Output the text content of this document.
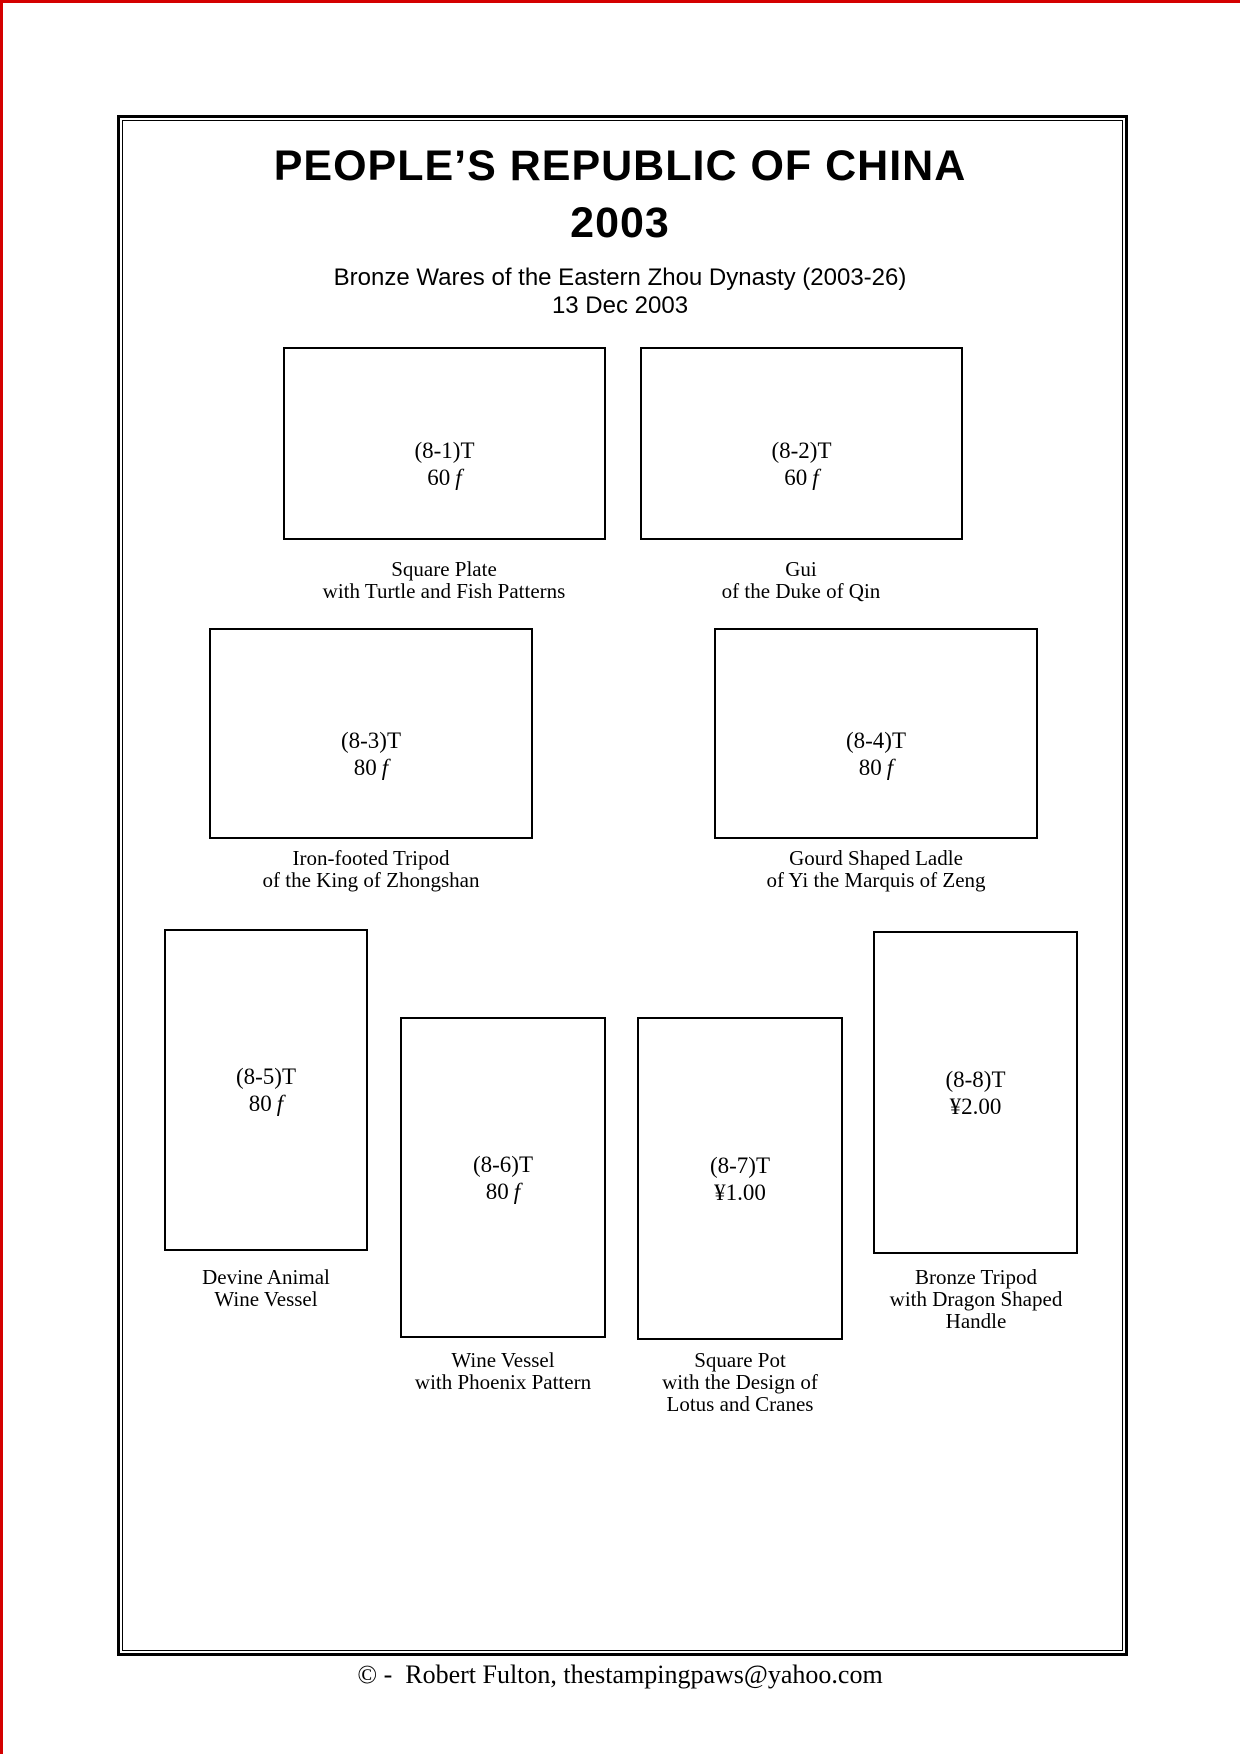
PEOPLE’S REPUBLIC OF CHINA
2003
Bronze Wares of the Eastern Zhou Dynasty (2003-26)
13 Dec 2003
(8-1)T
60 f
(8-2)T
60 f
(8-3)T
80 f
(8-4)T
80 f
(8-5)T
80 f
(8-6)T
80 f
(8-7)T
¥1.00
(8-8)T
¥2.00
Square Plate
with Turtle and Fish Patterns
Gui
of the Duke of Qin
Iron-footed Tripod
of the King of Zhongshan
Gourd Shaped Ladle
of Yi the Marquis of Zeng
Devine Animal
Wine Vessel
Wine Vessel
with Phoenix Pattern
Square Pot
with the Design of
Lotus and Cranes
Bronze Tripod
with Dragon Shaped
Handle
© -  Robert Fulton, thestampingpaws@yahoo.com
